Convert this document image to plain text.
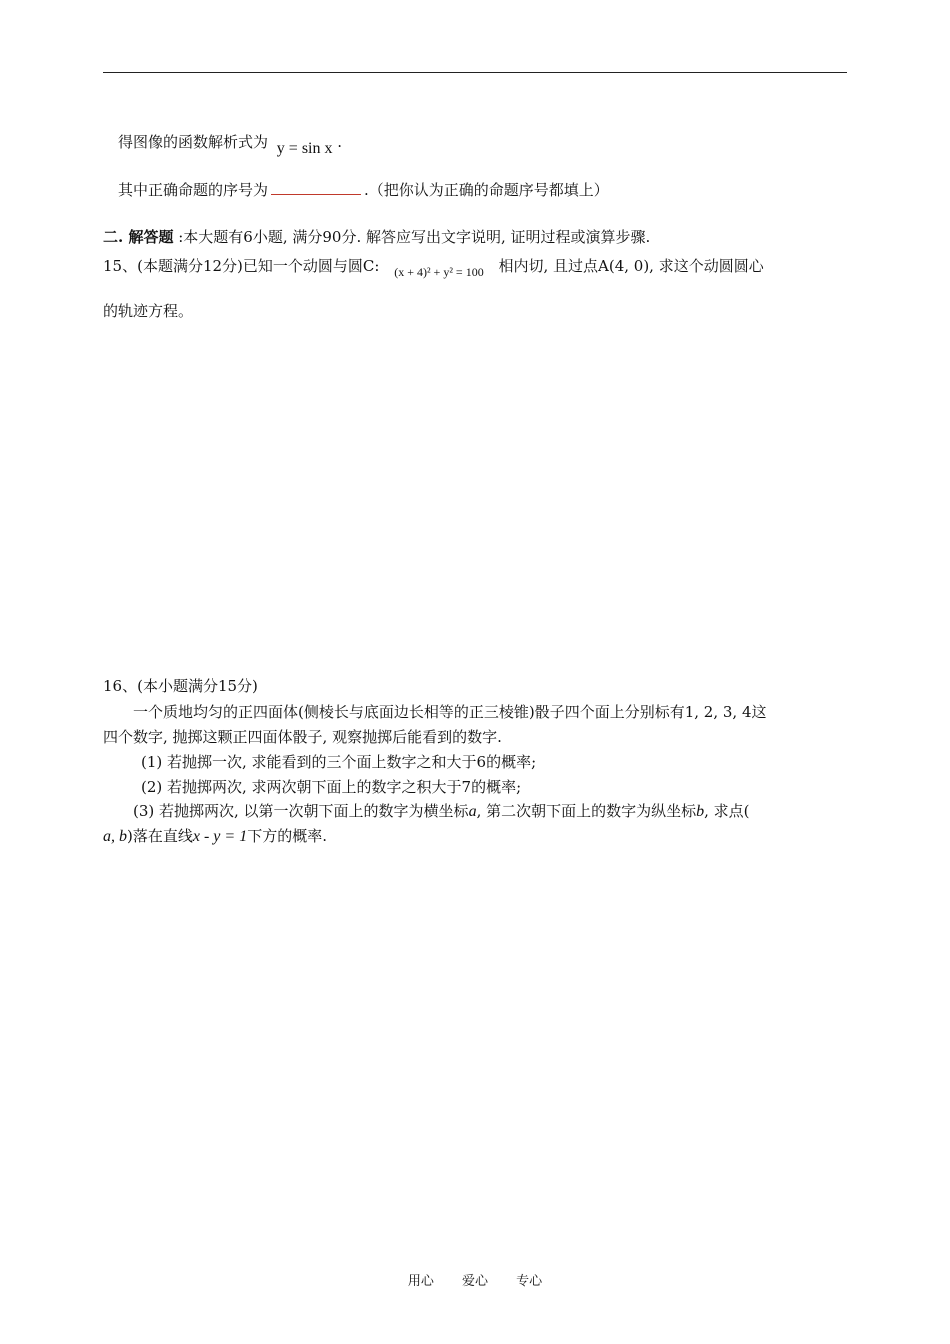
得图像的函数解析式为 y = sin x .
其中正确命题的序号为	.（把你认为正确的命题序号都填上）
二. 解答题 :本大题有6小题, 满分90分. 解答应写出文字说明, 证明过程或演算步骤.
15、(本题满分12分)已知一个动圆与圆C: $_{(x + 4)^2 + y^2 = 100}$ 相内切, 且过点A(4, 0), 求这个动圆圆心
的轨迹方程。
16、(本小题满分15分)
一个质地均匀的正四面体(侧棱长与底面边长相等的正三棱锥)骰子四个面上分别标有1, 2, 3, 4这
四个数字, 抛掷这颗正四面体骰子, 观察抛掷后能看到的数字.
(1) 若抛掷一次, 求能看到的三个面上数字之和大于6的概率;
(2) 若抛掷两次, 求两次朝下面上的数字之积大于7的概率;
(3) 若抛掷两次, 以第一次朝下面上的数字为横坐标a, 第二次朝下面上的数字为纵坐标b, 求点(
a, b)落在直线x - y = 1下方的概率.
用心 爱心 专心
